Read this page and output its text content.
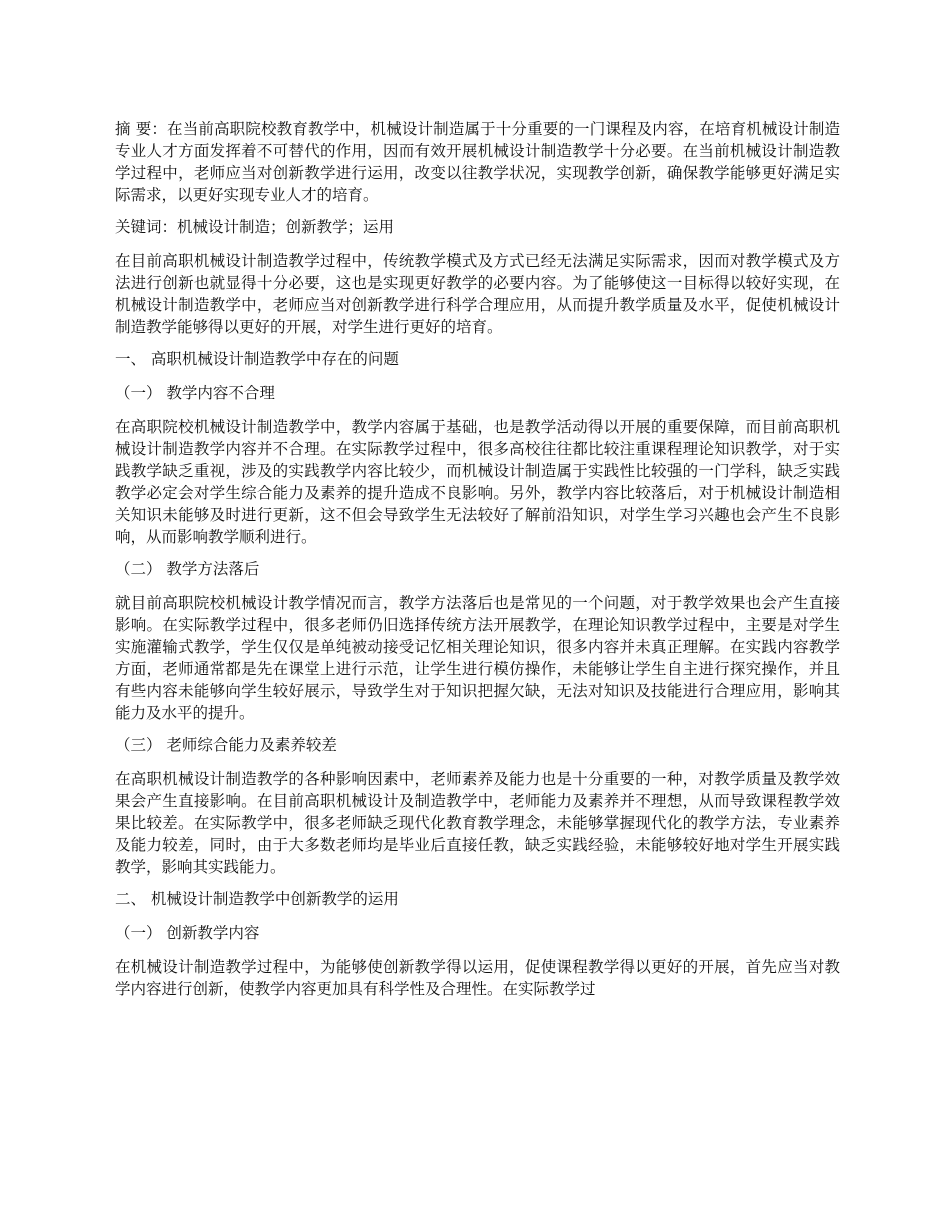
摘 要：在当前高职院校教育教学中，机械设计制造属于十分重要的一门课程及内容，在培育机械设计制造专业人才方面发挥着不可替代的作用，因而有效开展机械设计制造教学十分必要。在当前机械设计制造教学过程中，老师应当对创新教学进行运用，改变以往教学状况，实现教学创新，确保教学能够更好满足实际需求，以更好实现专业人才的培育。

关键词：机械设计制造；创新教学；运用

在目前高职机械设计制造教学过程中，传统教学模式及方式已经无法满足实际需求，因而对教学模式及方法进行创新也就显得十分必要，这也是实现更好教学的必要内容。为了能够使这一目标得以较好实现，在机械设计制造教学中，老师应当对创新教学进行科学合理应用，从而提升教学质量及水平，促使机械设计制造教学能够得以更好的开展，对学生进行更好的培育。

一、 高职机械设计制造教学中存在的问题

（一） 教学内容不合理

在高职院校机械设计制造教学中，教学内容属于基础，也是教学活动得以开展的重要保障，而目前高职机械设计制造教学内容并不合理。在实际教学过程中，很多高校往往都比较注重课程理论知识教学，对于实践教学缺乏重视，涉及的实践教学内容比较少，而机械设计制造属于实践性比较强的一门学科，缺乏实践教学必定会对学生综合能力及素养的提升造成不良影响。另外，教学内容比较落后，对于机械设计制造相关知识未能够及时进行更新，这不但会导致学生无法较好了解前沿知识，对学生学习兴趣也会产生不良影响，从而影响教学顺利进行。

（二） 教学方法落后

就目前高职院校机械设计教学情况而言，教学方法落后也是常见的一个问题，对于教学效果也会产生直接影响。在实际教学过程中，很多老师仍旧选择传统方法开展教学，在理论知识教学过程中，主要是对学生实施灌输式教学，学生仅仅是单纯被动接受记忆相关理论知识，很多内容并未真正理解。在实践内容教学方面，老师通常都是先在课堂上进行示范，让学生进行模仿操作，未能够让学生自主进行探究操作，并且有些内容未能够向学生较好展示，导致学生对于知识把握欠缺，无法对知识及技能进行合理应用，影响其能力及水平的提升。

（三） 老师综合能力及素养较差

在高职机械设计制造教学的各种影响因素中，老师素养及能力也是十分重要的一种，对教学质量及教学效果会产生直接影响。在目前高职机械设计及制造教学中，老师能力及素养并不理想，从而导致课程教学效果比较差。在实际教学中，很多老师缺乏现代化教育教学理念，未能够掌握现代化的教学方法，专业素养及能力较差，同时，由于大多数老师均是毕业后直接任教，缺乏实践经验，未能够较好地对学生开展实践教学，影响其实践能力。

二、 机械设计制造教学中创新教学的运用

（一） 创新教学内容

在机械设计制造教学过程中，为能够使创新教学得以运用，促使课程教学得以更好的开展，首先应当对教学内容进行创新，使教学内容更加具有科学性及合理性。在实际教学过
